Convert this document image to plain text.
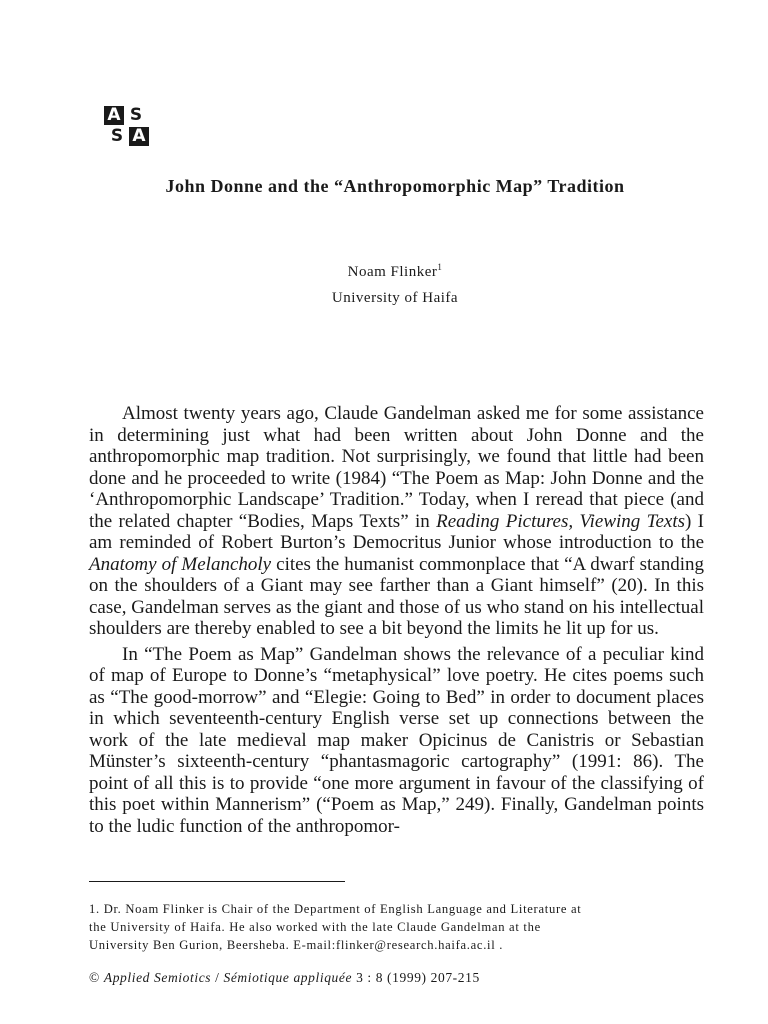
A S
S A
John Donne and the “Anthropomorphic Map” Tradition
Noam Flinker$^1$
University of Haifa

Almost twenty years ago, Claude Gandelman asked me for some assistance in determining just what had been written about John Donne and the anthropomorphic map tradition. Not surprisingly, we found that little had been done and he proceeded to write (1984) “The Poem as Map: John Donne and the ‘Anthropomorphic Landscape’ Tradition.” Today, when I reread that piece (and the related chapter “Bodies, Maps Texts” in Reading Pictures, Viewing Texts) I am reminded of Robert Burton’s Democritus Junior whose introduction to the Anatomy of Melancholy cites the humanist commonplace that “A dwarf standing on the shoulders of a Giant may see farther than a Giant himself” (20). In this case, Gandelman serves as the giant and those of us who stand on his intellectual shoulders are thereby enabled to see a bit beyond the limits he lit up for us.

In “The Poem as Map” Gandelman shows the relevance of a peculiar kind of map of Europe to Donne’s “metaphysical” love poetry. He cites poems such as “The good-morrow” and “Elegie: Going to Bed” in order to document places in which seventeenth-century English verse set up connections between the work of the late medieval map maker Opicinus de Canistris or Sebastian Münster’s sixteenth-century “phantasmagoric cartography” (1991: 86). The point of all this is to provide “one more argument in favour of the classifying of this poet within Mannerism” (“Poem as Map,” 249). Finally, Gandelman points to the ludic function of the anthropomor-

1. Dr. Noam Flinker is Chair of the Department of English Language and Literature at
the University of Haifa. He also worked with the late Claude Gandelman at the
University Ben Gurion, Beersheba. E-mail:flinker@research.haifa.ac.il .
© Applied Semiotics / Sémiotique appliquée 3 : 8 (1999) 207-215
